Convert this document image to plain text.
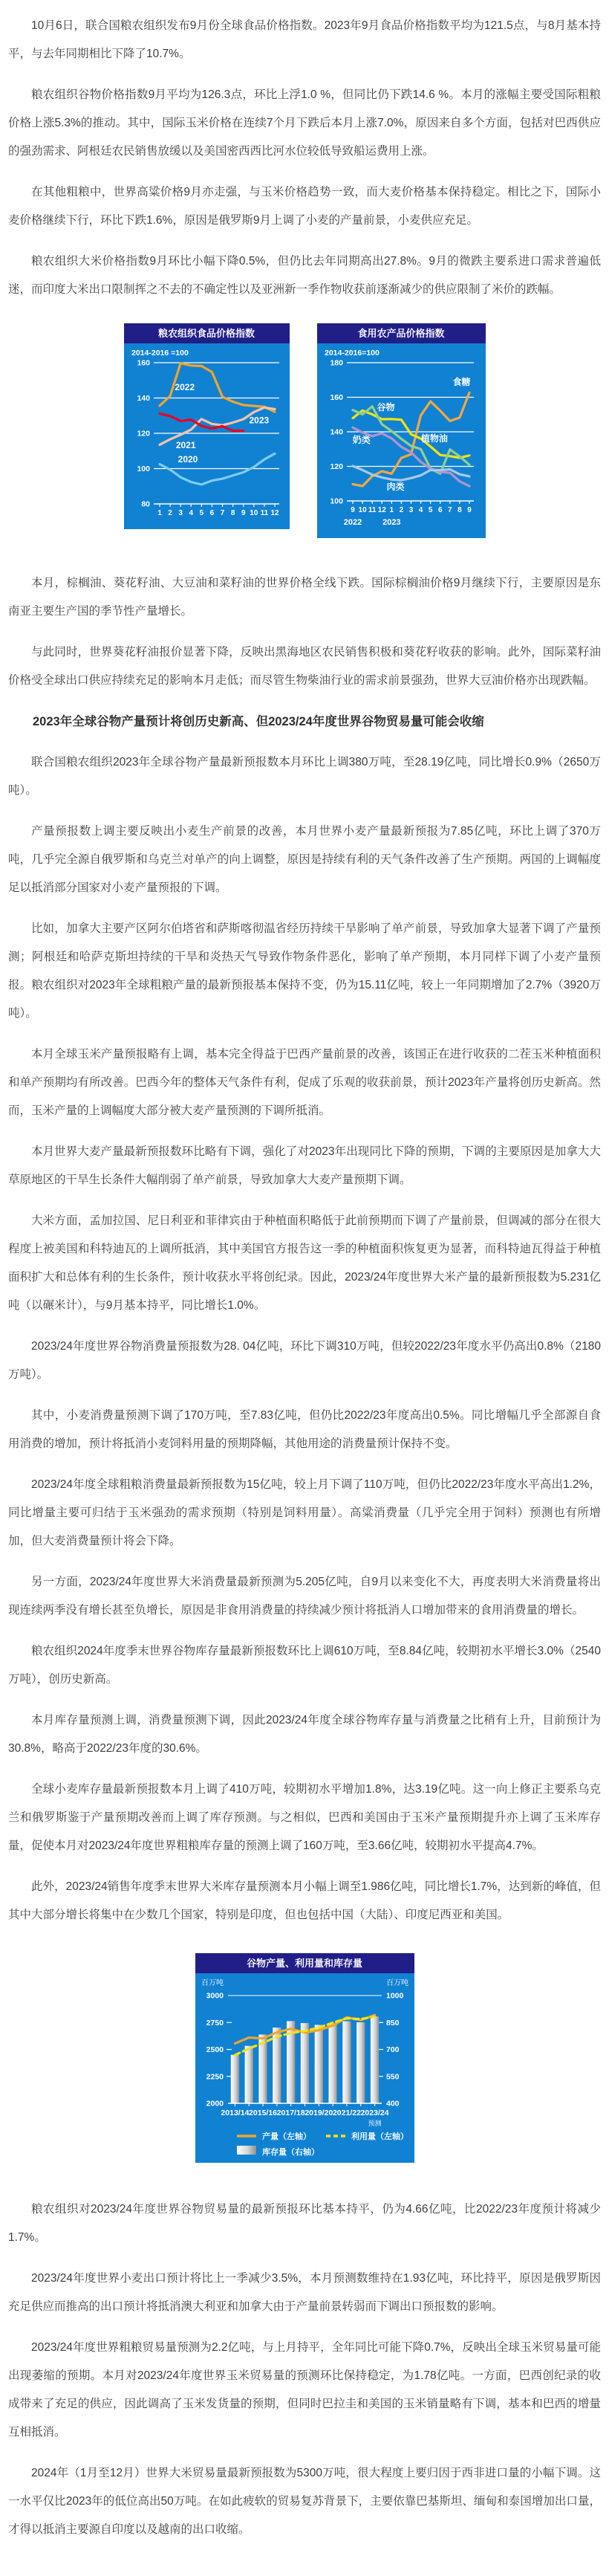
10月6日，联合国粮农组织发布9月份全球食品价格指数。2023年9月食品价格指数平均为121.5点，与8月基本持平，与去年同期相比下降了10.7%。

粮农组织谷物价格指数9月平均为126.3点，环比上浮1.0 %，但同比仍下跌14.6 %。本月的涨幅主要受国际粗粮价格上涨5.3%的推动。其中，国际玉米价格在连续7个月下跌后本月上涨7.0%，原因来自多个方面，包括对巴西供应的强劲需求、阿根廷农民销售放缓以及美国密西西比河水位较低导致船运费用上涨。

在其他粗粮中，世界高粱价格9月亦走强，与玉米价格趋势一致，而大麦价格基本保持稳定。相比之下，国际小麦价格继续下行，环比下跌1.6%，原因是俄罗斯9月上调了小麦的产量前景，小麦供应充足。

粮农组织大米价格指数9月环比小幅下降0.5%，但仍比去年同期高出27.8%。9月的微跌主要系进口需求普遍低迷，而印度大米出口限制挥之不去的不确定性以及亚洲新一季作物收获前逐渐减少的供应限制了米价的跌幅。

粮农组织食品价格指数
2014-2016 =100
80
100
120
140
160
1 2 3 4 5 6 7 8 9 10 11 12
2022
2021
2023
2020
食用农产品价格指数
2014-2016=100
100
120
140
160
180
9 10 11 12 1 2 3 4 5 6 7 8 9
2022	2023
食糖
谷物
植物油
奶类
肉类

本月，棕榈油、葵花籽油、大豆油和菜籽油的世界价格全线下跌。国际棕榈油价格9月继续下行，主要原因是东南亚主要生产国的季节性产量增长。

与此同时，世界葵花籽油报价显著下降，反映出黑海地区农民销售积极和葵花籽收获的影响。此外，国际菜籽油价格受全球出口供应持续充足的影响本月走低；而尽管生物柴油行业的需求前景强劲，世界大豆油价格亦出现跌幅。

2023年全球谷物产量预计将创历史新高、但2023/24年度世界谷物贸易量可能会收缩

联合国粮农组织2023年全球谷物产量最新预报数本月环比上调380万吨，至28.19亿吨，同比增长0.9%（2650万吨）。

产量预报数上调主要反映出小麦生产前景的改善，本月世界小麦产量最新预报为7.85亿吨，环比上调了370万吨，几乎完全源自俄罗斯和乌克兰对单产的向上调整，原因是持续有利的天气条件改善了生产预期。两国的上调幅度足以抵消部分国家对小麦产量预报的下调。

比如，加拿大主要产区阿尔伯塔省和萨斯喀彻温省经历持续干旱影响了单产前景，导致加拿大显著下调了产量预测；阿根廷和哈萨克斯坦持续的干旱和炎热天气导致作物条件恶化，影响了单产预期，本月同样下调了小麦产量预报。粮农组织对2023年全球粗粮产量的最新预报基本保持不变，仍为15.11亿吨，较上一年同期增加了2.7%（3920万吨）。

本月全球玉米产量预报略有上调，基本完全得益于巴西产量前景的改善，该国正在进行收获的二茬玉米种植面积和单产预期均有所改善。巴西今年的整体天气条件有利，促成了乐观的收获前景，预计2023年产量将创历史新高。然而，玉米产量的上调幅度大部分被大麦产量预测的下调所抵消。

本月世界大麦产量最新预报数环比略有下调，强化了对2023年出现同比下降的预期，下调的主要原因是加拿大大草原地区的干旱生长条件大幅削弱了单产前景，导致加拿大大麦产量预期下调。

大米方面，孟加拉国、尼日利亚和菲律宾由于种植面积略低于此前预期而下调了产量前景，但调减的部分在很大程度上被美国和科特迪瓦的上调所抵消，其中美国官方报告这一季的种植面积恢复更为显著，而科特迪瓦得益于种植面积扩大和总体有利的生长条件，预计收获水平将创纪录。因此，2023/24年度世界大米产量的最新预报数为5.231亿吨（以碾米计），与9月基本持平，同比增长1.0%。

2023/24年度世界谷物消费量预报数为28. 04亿吨，环比下调310万吨，但较2022/23年度水平仍高出0.8%（2180万吨）。

其中，小麦消费量预测下调了170万吨，至7.83亿吨，但仍比2022/23年度高出0.5%。同比增幅几乎全部源自食用消费的增加，预计将抵消小麦饲料用量的预期降幅，其他用途的消费量预计保持不变。

2023/24年度全球粗粮消费量最新预报数为15亿吨，较上月下调了110万吨，但仍比2022/23年度水平高出1.2%，同比增量主要可归结于玉米强劲的需求预期（特别是饲料用量）。高粱消费量（几乎完全用于饲料）预测也有所增加，但大麦消费量预计将会下降。

另一方面，2023/24年度世界大米消费量最新预测为5.205亿吨，自9月以来变化不大，再度表明大米消费量将出现连续两季没有增长甚至负增长，原因是非食用消费量的持续减少预计将抵消人口增加带来的食用消费量的增长。

粮农组织2024年度季末世界谷物库存量最新预报数环比上调610万吨，至8.84亿吨，较期初水平增长3.0%（2540万吨），创历史新高。

本月库存量预测上调，消费量预测下调，因此2023/24年度全球谷物库存量与消费量之比稍有上升，目前预计为30.8%，略高于2022/23年度的30.6%。

全球小麦库存量最新预报数本月上调了410万吨，较期初水平增加1.8%，达3.19亿吨。这一向上修正主要系乌克兰和俄罗斯鉴于产量预期改善而上调了库存预测。与之相似，巴西和美国由于玉米产量预期提升亦上调了玉米库存量，促使本月对2023/24年度世界粗粮库存量的预测上调了160万吨，至3.66亿吨，较期初水平提高4.7%。

此外，2023/24销售年度季末世界大米库存量预测本月小幅上调至1.986亿吨，同比增长1.7%，达到新的峰值，但其中大部分增长将集中在少数几个国家，特别是印度，但也包括中国（大陆）、印度尼西亚和美国。

谷物产量、利用量和库存量
百万吨	百万吨
2000
2250
2500
2750
3000
400
550
700
850
1000
2013/14 2015/16 2017/18 2019/20 2021/22 2023/24
预测
产量（左轴）	利用量（左轴）
库存量（右轴）

粮农组织对2023/24年度世界谷物贸易量的最新预报环比基本持平，仍为4.66亿吨，比2022/23年度预计将减少1.7%。

2023/24年度世界小麦出口预计将比上一季减少3.5%，本月预测数维持在1.93亿吨，环比持平，原因是俄罗斯因充足供应而推高的出口预计将抵消澳大利亚和加拿大由于产量前景转弱而下调出口预报数的影响。

2023/24年度世界粗粮贸易量预测为2.2亿吨，与上月持平，全年同比可能下降0.7%，反映出全球玉米贸易量可能出现萎缩的预期。本月对2023/24年度世界玉米贸易量的预测环比保持稳定，为1.78亿吨。一方面，巴西创纪录的收成带来了充足的供应，因此调高了玉米发货量的预期，但同时巴拉圭和美国的玉米销量略有下调，基本和巴西的增量互相抵消。

2024年（1月至12月）世界大米贸易量最新预报数为5300万吨，很大程度上要归因于西非进口量的小幅下调。这一水平仅比2023年的低位高出50万吨。在如此疲软的贸易复苏背景下，主要依靠巴基斯坦、缅甸和泰国增加出口量，才得以抵消主要源自印度以及越南的出口收缩。
